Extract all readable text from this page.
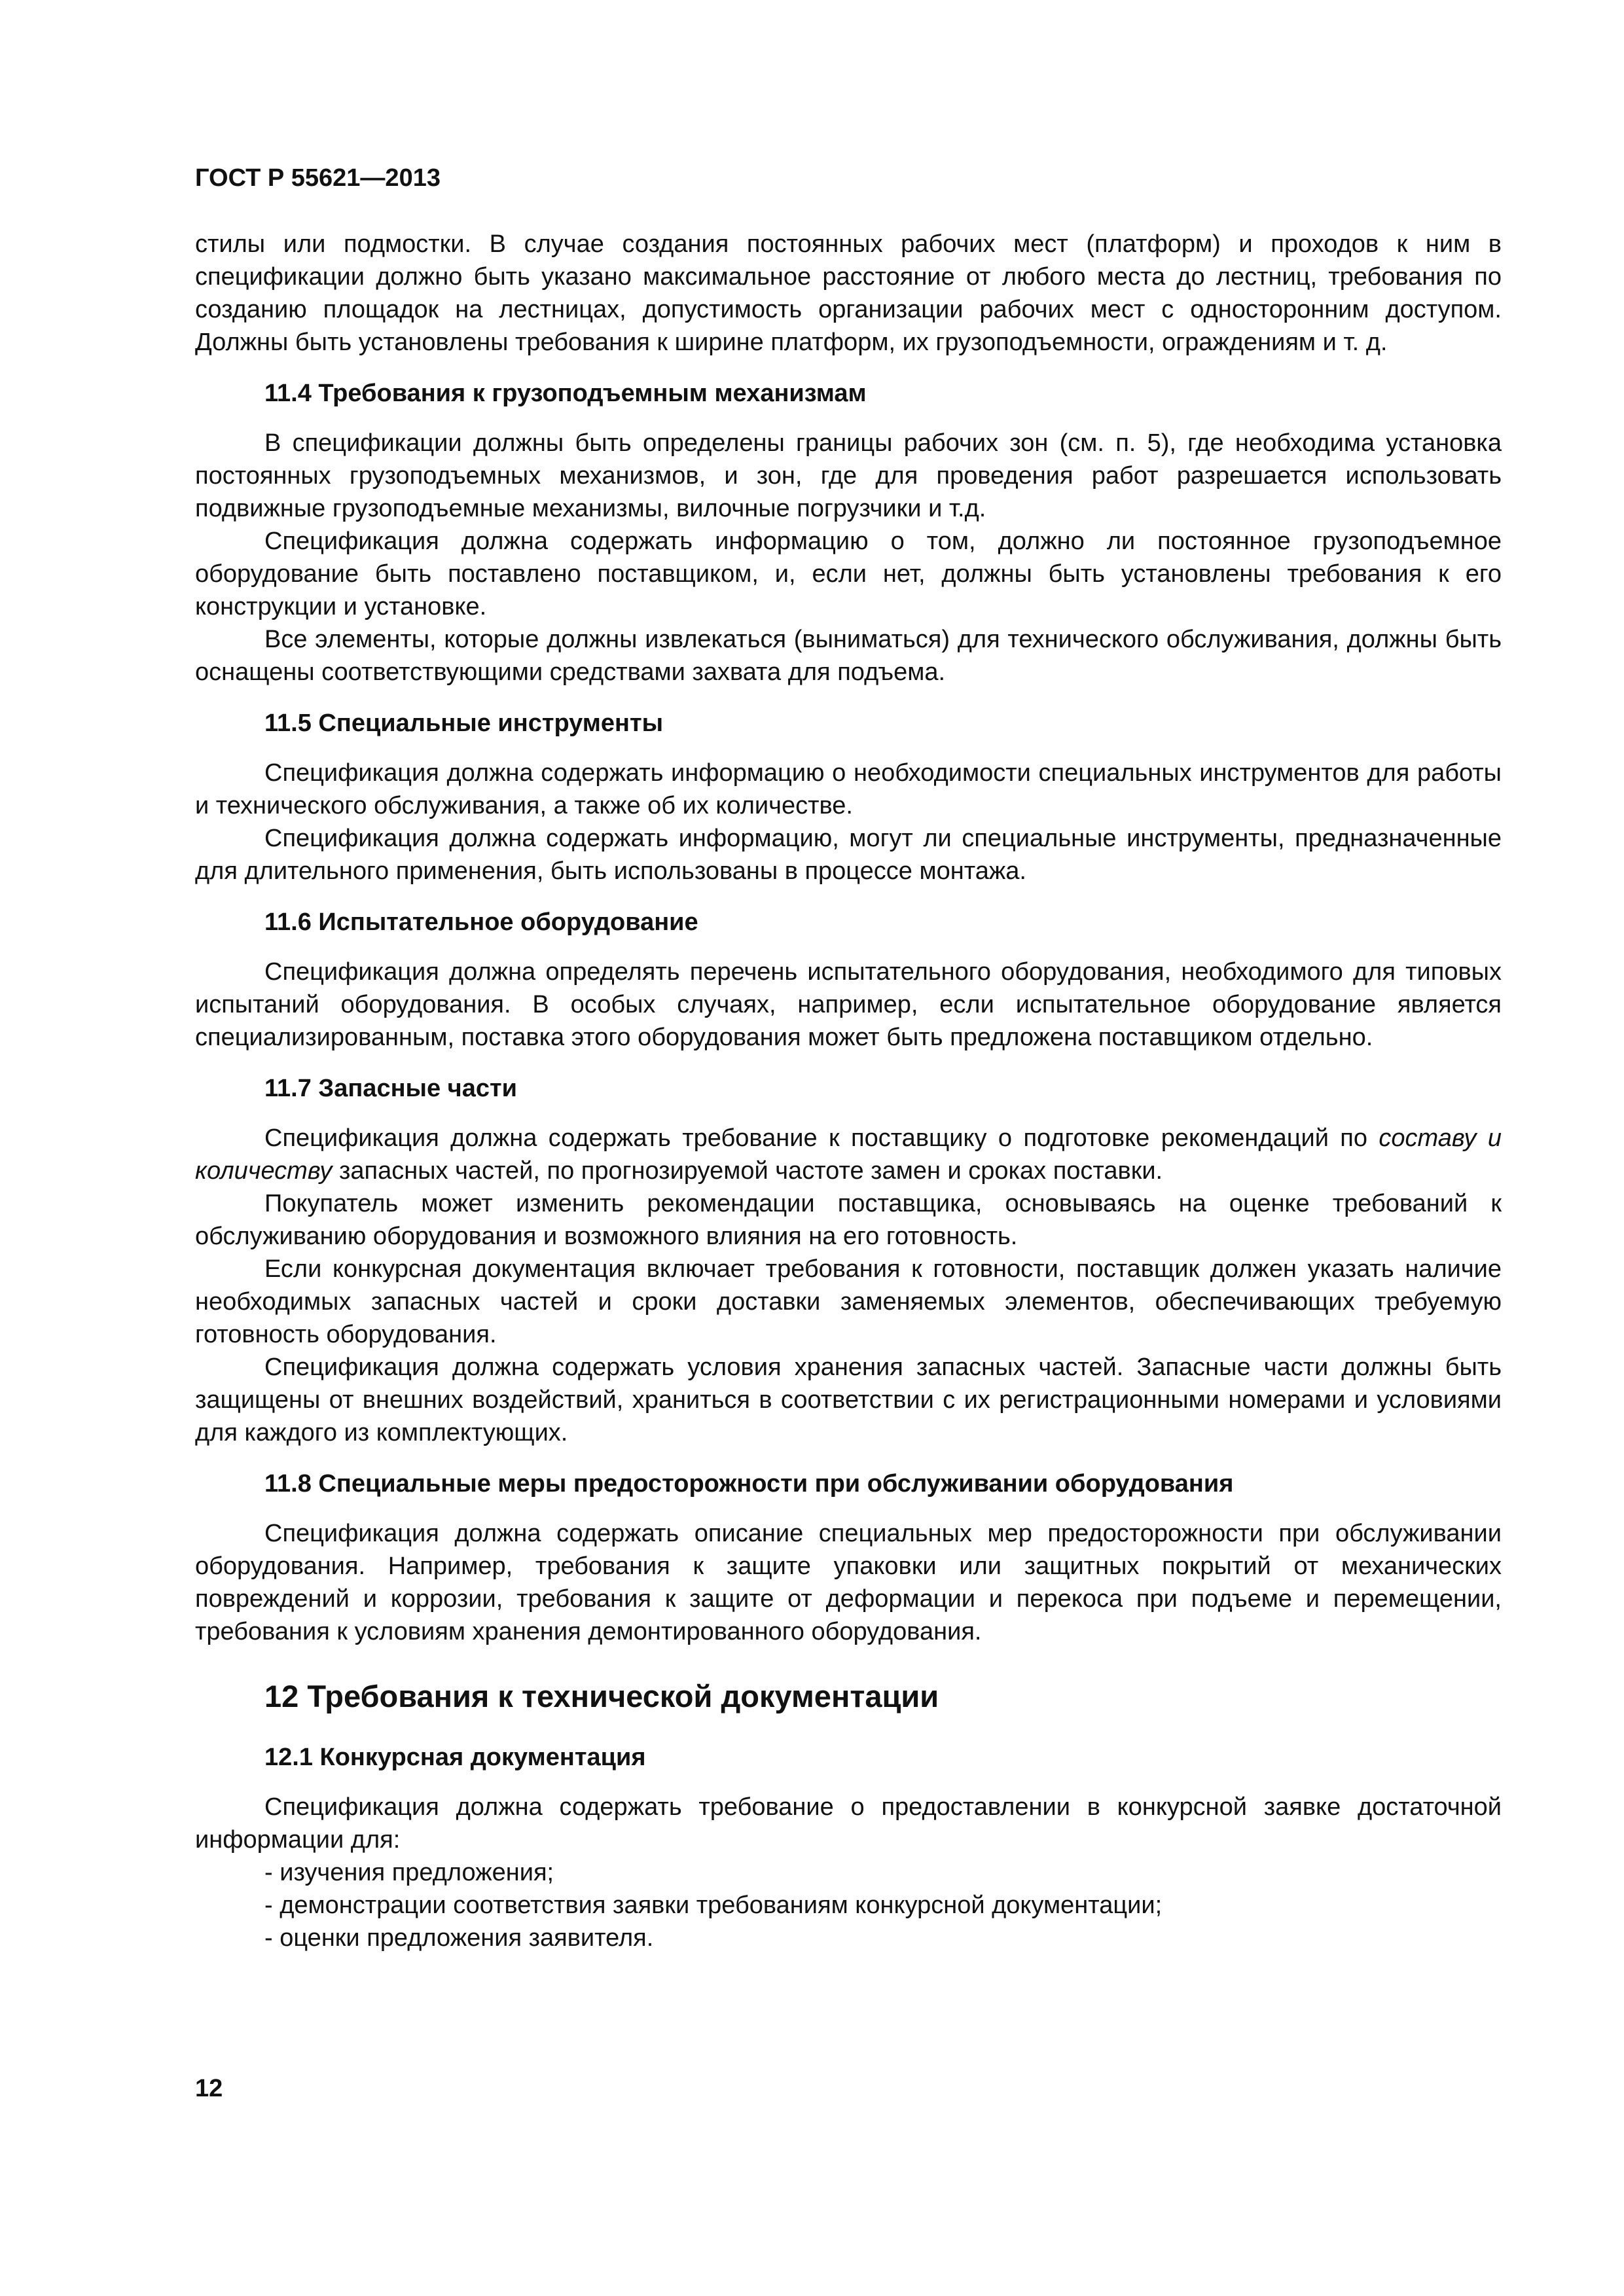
ГОСТ Р 55621—2013

стилы или подмостки. В случае создания постоянных рабочих мест (платформ) и проходов к ним в спецификации должно быть указано максимальное расстояние от любого места до лестниц, требования по созданию площадок на лестницах, допустимость организации рабочих мест с односторонним доступом. Должны быть установлены требования к ширине платформ, их грузоподъемности, ограждениям и т. д.

11.4 Требования к грузоподъемным механизмам

В спецификации должны быть определены границы рабочих зон (см. п. 5), где необходима установка постоянных грузоподъемных механизмов, и зон, где для проведения работ разрешается использовать подвижные грузоподъемные механизмы, вилочные погрузчики и т.д.

Спецификация должна содержать информацию о том, должно ли постоянное грузоподъемное оборудование быть поставлено поставщиком, и, если нет, должны быть установлены требования к его конструкции и установке.

Все элементы, которые должны извлекаться (выниматься) для технического обслуживания, должны быть оснащены соответствующими средствами захвата для подъема.

11.5 Специальные инструменты

Спецификация должна содержать информацию о необходимости специальных инструментов для работы и технического обслуживания, а также об их количестве.

Спецификация должна содержать информацию, могут ли специальные инструменты, предназначенные для длительного применения, быть использованы в процессе монтажа.

11.6 Испытательное оборудование

Спецификация должна определять перечень испытательного оборудования, необходимого для типовых испытаний оборудования. В особых случаях, например, если испытательное оборудование является специализированным, поставка этого оборудования может быть предложена поставщиком отдельно.

11.7 Запасные части

Спецификация должна содержать требование к поставщику о подготовке рекомендаций по составу и количеству запасных частей, по прогнозируемой частоте замен и сроках поставки.

Покупатель может изменить рекомендации поставщика, основываясь на оценке требований к обслуживанию оборудования и возможного влияния на его готовность.

Если конкурсная документация включает требования к готовности, поставщик должен указать наличие необходимых запасных частей и сроки доставки заменяемых элементов, обеспечивающих требуемую готовность оборудования.

Спецификация должна содержать условия хранения запасных частей. Запасные части должны быть защищены от внешних воздействий, храниться в соответствии с их регистрационными номерами и условиями для каждого из комплектующих.

11.8 Специальные меры предосторожности при обслуживании оборудования

Спецификация должна содержать описание специальных мер предосторожности при обслуживании оборудования. Например, требования к защите упаковки или защитных покрытий от механических повреждений и коррозии, требования к защите от деформации и перекоса при подъеме и перемещении, требования к условиям хранения демонтированного оборудования.

12 Требования к технической документации
12.1 Конкурсная документация

Спецификация должна содержать требование о предоставлении в конкурсной заявке достаточной информации для:

- изучения предложения;
- демонстрации соответствия заявки требованиям конкурсной документации;
- оценки предложения заявителя.
12
